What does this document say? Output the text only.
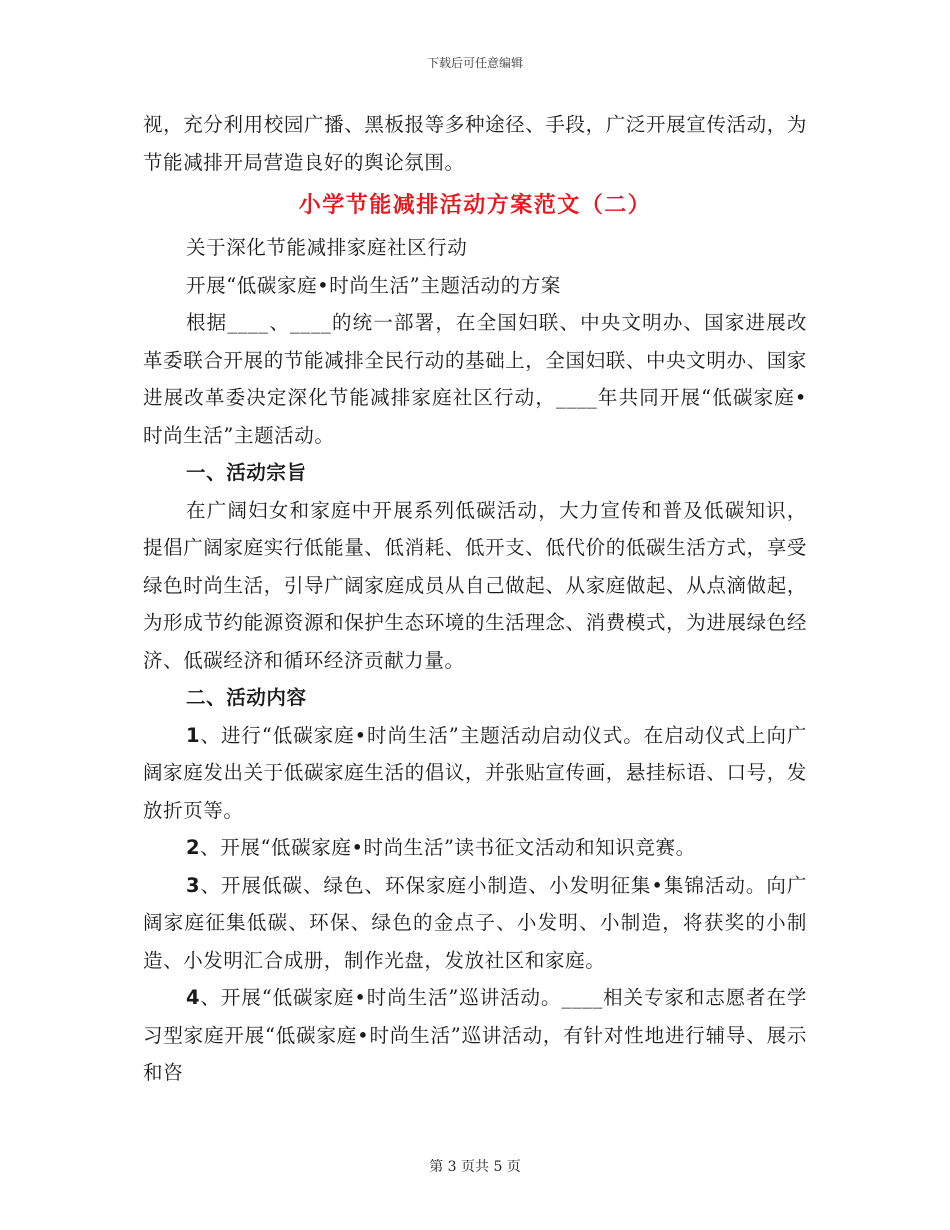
下载后可任意编辑

视，充分利用校园广播、黑板报等多种途径、手段，广泛开展宣传活动，为节能减排开局营造良好的舆论氛围。

小学节能减排活动方案范文（二）

关于深化节能减排家庭社区行动

开展“低碳家庭•时尚生活”主题活动的方案

根据____、____的统一部署，在全国妇联、中央文明办、国家进展改革委联合开展的节能减排全民行动的基础上，全国妇联、中央文明办、国家进展改革委决定深化节能减排家庭社区行动，____年共同开展“低碳家庭•时尚生活”主题活动。

一、活动宗旨

在广阔妇女和家庭中开展系列低碳活动，大力宣传和普及低碳知识，提倡广阔家庭实行低能量、低消耗、低开支、低代价的低碳生活方式，享受绿色时尚生活，引导广阔家庭成员从自己做起、从家庭做起、从点滴做起，为形成节约能源资源和保护生态环境的生活理念、消费模式，为进展绿色经济、低碳经济和循环经济贡献力量。

二、活动内容

1、进行“低碳家庭•时尚生活”主题活动启动仪式。在启动仪式上向广阔家庭发出关于低碳家庭生活的倡议，并张贴宣传画，悬挂标语、口号，发放折页等。

2、开展“低碳家庭•时尚生活”读书征文活动和知识竞赛。

3、开展低碳、绿色、环保家庭小制造、小发明征集•集锦活动。向广阔家庭征集低碳、环保、绿色的金点子、小发明、小制造，将获奖的小制造、小发明汇合成册，制作光盘，发放社区和家庭。

4、开展“低碳家庭•时尚生活”巡讲活动。____相关专家和志愿者在学习型家庭开展“低碳家庭•时尚生活”巡讲活动，有针对性地进行辅导、展示和咨

第 3 页共 5 页
